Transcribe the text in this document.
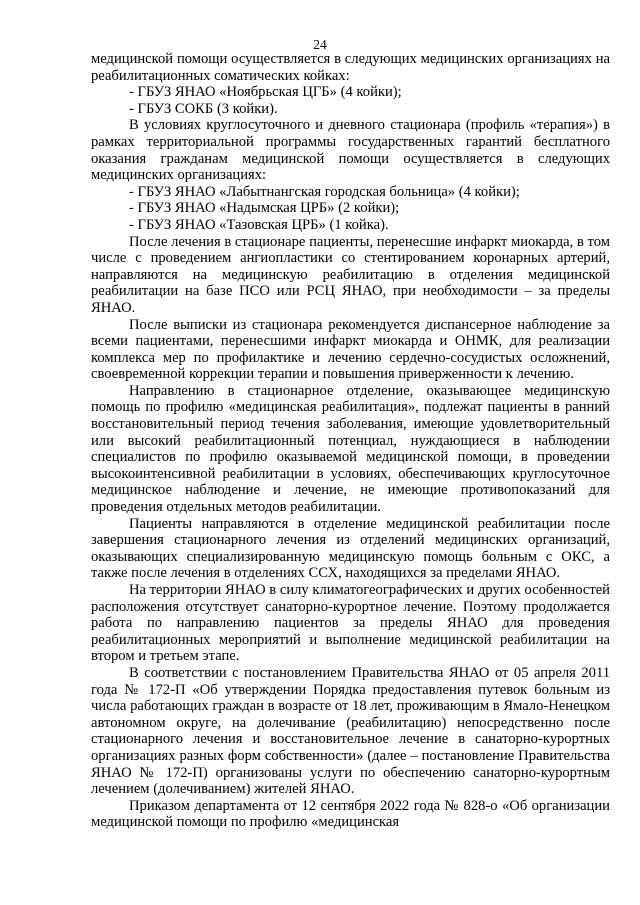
24

медицинской помощи осуществляется в следующих медицинских организациях на реабилитационных соматических койках:

- ГБУЗ ЯНАО «Ноябрьская ЦГБ» (4 койки);

- ГБУЗ СОКБ (3 койки).

В условиях круглосуточного и дневного стационара (профиль «терапия») в рамках территориальной программы государственных гарантий бесплатного оказания гражданам медицинской помощи осуществляется в следующих медицинских организациях:

- ГБУЗ ЯНАО «Лабытнангская городская больница» (4 койки);

- ГБУЗ ЯНАО «Надымская ЦРБ» (2 койки);

- ГБУЗ ЯНАО «Тазовская ЦРБ» (1 койка).

После лечения в стационаре пациенты, перенесшие инфаркт миокарда, в том числе с проведением ангиопластики со стентированием коронарных артерий, направляются на медицинскую реабилитацию в отделения медицинской реабилитации на базе ПСО или РСЦ ЯНАО, при необходимости – за пределы ЯНАО.

После выписки из стационара рекомендуется диспансерное наблюдение за всеми пациентами, перенесшими инфаркт миокарда и ОНМК, для реализации комплекса мер по профилактике и лечению сердечно-сосудистых осложнений, своевременной коррекции терапии и повышения приверженности к лечению.

Направлению в стационарное отделение, оказывающее медицинскую помощь по профилю «медицинская реабилитация», подлежат пациенты в ранний восстановительный период течения заболевания, имеющие удовлетворительный или высокий реабилитационный потенциал, нуждающиеся в наблюдении специалистов по профилю оказываемой медицинской помощи, в проведении высокоинтенсивной реабилитации в условиях, обеспечивающих круглосуточное медицинское наблюдение и лечение, не имеющие противопоказаний для проведения отдельных методов реабилитации.

Пациенты направляются в отделение медицинской реабилитации после завершения стационарного лечения из отделений медицинских организаций, оказывающих специализированную медицинскую помощь больным с ОКС, а также после лечения в отделениях ССХ, находящихся за пределами ЯНАО.

На территории ЯНАО в силу климатогеографических и других особенностей расположения отсутствует санаторно-курортное лечение. Поэтому продолжается работа по направлению пациентов за пределы ЯНАО для проведения реабилитационных мероприятий и выполнение медицинской реабилитации на втором и третьем этапе.

В соответствии с постановлением Правительства ЯНАО от 05 апреля 2011 года № 172-П «Об утверждении Порядка предоставления путевок больным из числа работающих граждан в возрасте от 18 лет, проживающим в Ямало-Ненецком автономном округе, на долечивание (реабилитацию) непосредственно после стационарного лечения и восстановительное лечение в санаторно-курортных организациях разных форм собственности» (далее – постановление Правительства ЯНАО № 172-П) организованы услуги по обеспечению санаторно-курортным лечением (долечиванием) жителей ЯНАО.

Приказом департамента от 12 сентября 2022 года № 828-о «Об организации медицинской помощи по профилю «медицинская
